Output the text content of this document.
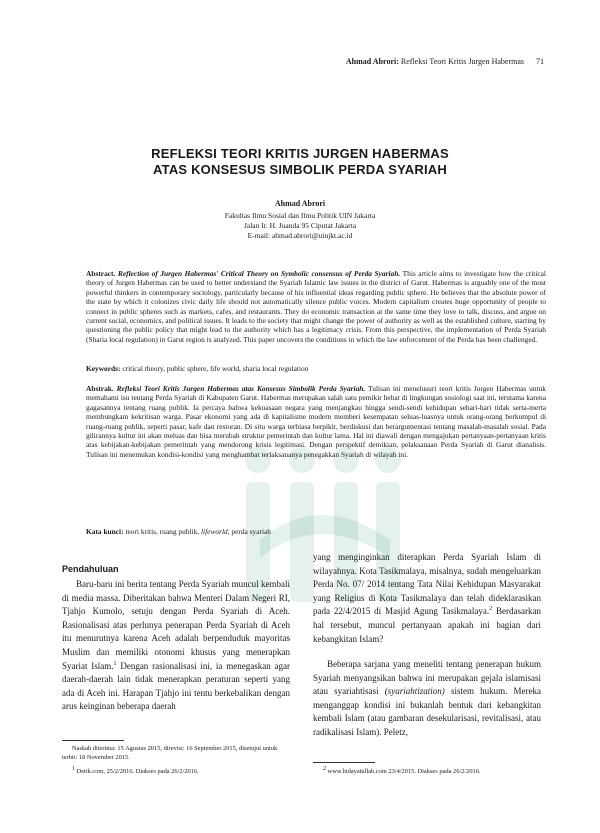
Ahmad Abrori: Refleksi Teori Kritis Jurgen Habermas 71
REFLEKSI TEORI KRITIS JURGEN HABERMAS
ATAS KONSESUS SIMBOLIK PERDA SYARIAH
Ahmad Abrori
Fakultas Ilmu Sosial dan Ilmu Politik UIN Jakarta
Jalan Ir. H. Juanda 95 Ciputat Jakarta
E-mail: ahmad.abrori@uinjkt.ac.id
Abstract. Reflection of Jurgen Habermas' Critical Theory on Symbolic consensus of Perda Syariah. This article aims to investigate how the critical theory of Jurgen Habermas can be used to better understand the Syariah Islamic law issues in the district of Garut. Habermas is arguably one of the most powerful thinkers in contemporary sociology, particularly because of his influential ideas regarding public sphere. He believes that the absolute power of the state by which it colonizes civic daily life should not automatically silence public voices. Modern capitalism creates huge opportunity of people to connect in public spheres such as markets, cafes, and restaurants. They do economic transaction at the same time they love to talk, discuss, and argue on current social, economics, and political issues. It leads to the society that might change the power of authority as well as the established culture, starting by questioning the public policy that might lead to the authority which has a legitimacy crisis. From this perspective, the implementation of Perda Syariah (Sharia local regulation) in Garut region is analyzed. This paper uncovers the conditions in which the law enforcement of the Perda has been challenged.
Keywords: critical theory, public sphere, life world, sharia local regulation
Abstrak. Refleksi Teori Kritis Jurgen Habermas atas Konsesus Simbolik Perda Syariah. Tulisan ini menelusuri teori kritis Jurgen Habermas untuk memahami isu tentang Perda Syariah di Kabupaten Garut. Habermas merupakan salah satu pemikir hebat di lingkungan sosiologi saat ini, terutama karena gagasannya tentang ruang publik. Ia percaya bahwa kekuasaan negara yang menjangkau hingga sendi-sendi kehidupan sehari-hari tidak serta-merta membungkam kekritisan warga. Pasar ekonomi yang ada di kapitalisme modern memberi kesempatan seluas-luasnya untuk orang-orang berkumpul di ruang-ruang publik, seperti pasar, kafe dan restoran. Di situ warga terbiasa berpikir, berdiskusi dan berargumentasi tentang masalah-masalah sosial. Pada gilirannya kultur ini akan meluas dan bisa merubah struktur pemerintah dan kultur lama. Hal ini diawali dengan mengajukan pertanyaan-pertanyaan kritis atas kebijakan-kebijakan pemerintah yang mendorong krisis legitimasi. Dengan perspektif demikian, pelaksanaan Perda Syariah di Garut dianalisis. Tulisan ini menemukan kondisi-kondisi yang menghambat terlaksananya penegakkan Syariah di wilayah ini.
Kata kunci: teori kritis, ruang publik, lifeworld, perda syariah
Pendahuluan
Baru-baru ini berita tentang Perda Syariah muncul kembali di media massa. Diberitakan bahwa Menteri Dalam Negeri RI, Tjahjo Kumolo, setuju dengan Perda Syariah di Aceh. Rasionalisasi atas perlunya penerapan Perda Syariah di Aceh itu menurutnya karena Aceh adalah berpenduduk mayoritas Muslim dan memiliki otonomi khusus yang menerapkan Syariat Islam.$^1$ Dengan rasionalisasi ini, ia menegaskan agar daerah-daerah lain tidak menerapkan peraturan seperti yang ada di Aceh ini. Harapan Tjahjo ini tentu berkebalikan dengan arus keinginan beberapa daerah
yang menginginkan diterapkan Perda Syariah Islam di wilayahnya. Kota Tasikmalaya, misalnya, sudah mengeluarkan Perda No. 07/ 2014 tentang Tata Nilai Kehidupan Masyarakat yang Religius di Kota Tasikmalaya dan telah dideklarasikan pada 22/4/2015 di Masjid Agung Tasikmalaya.$^2$ Berdasarkan hal tersebut, muncul pertanyaan apakah ini bagian dari kebangkitan Islam?
Beberapa sarjana yang meneliti tentang penerapan hukum Syariah menyangsikan bahwa ini merupakan gejala islamisasi atau syariahtisasi (syariahtization) sistem hukum. Mereka menganggap kondisi ini bukanlah bentuk dari kebangkitan kembali Islam (atau gambaran desekularisasi, revitalisasi, atau radikalisasi Islam). Peletz,
Naskah diterima: 15 Agustus 2015, direvisi: 16 September 2015, disetujui untuk terbit: 18 November 2015.
$^1$ Detik.com, 25/2/2016. Diakses pada 26/2/2016.	$^2$ www.hidayatullah.com 23/4/2015. Diakses pada 26/2/2016.
